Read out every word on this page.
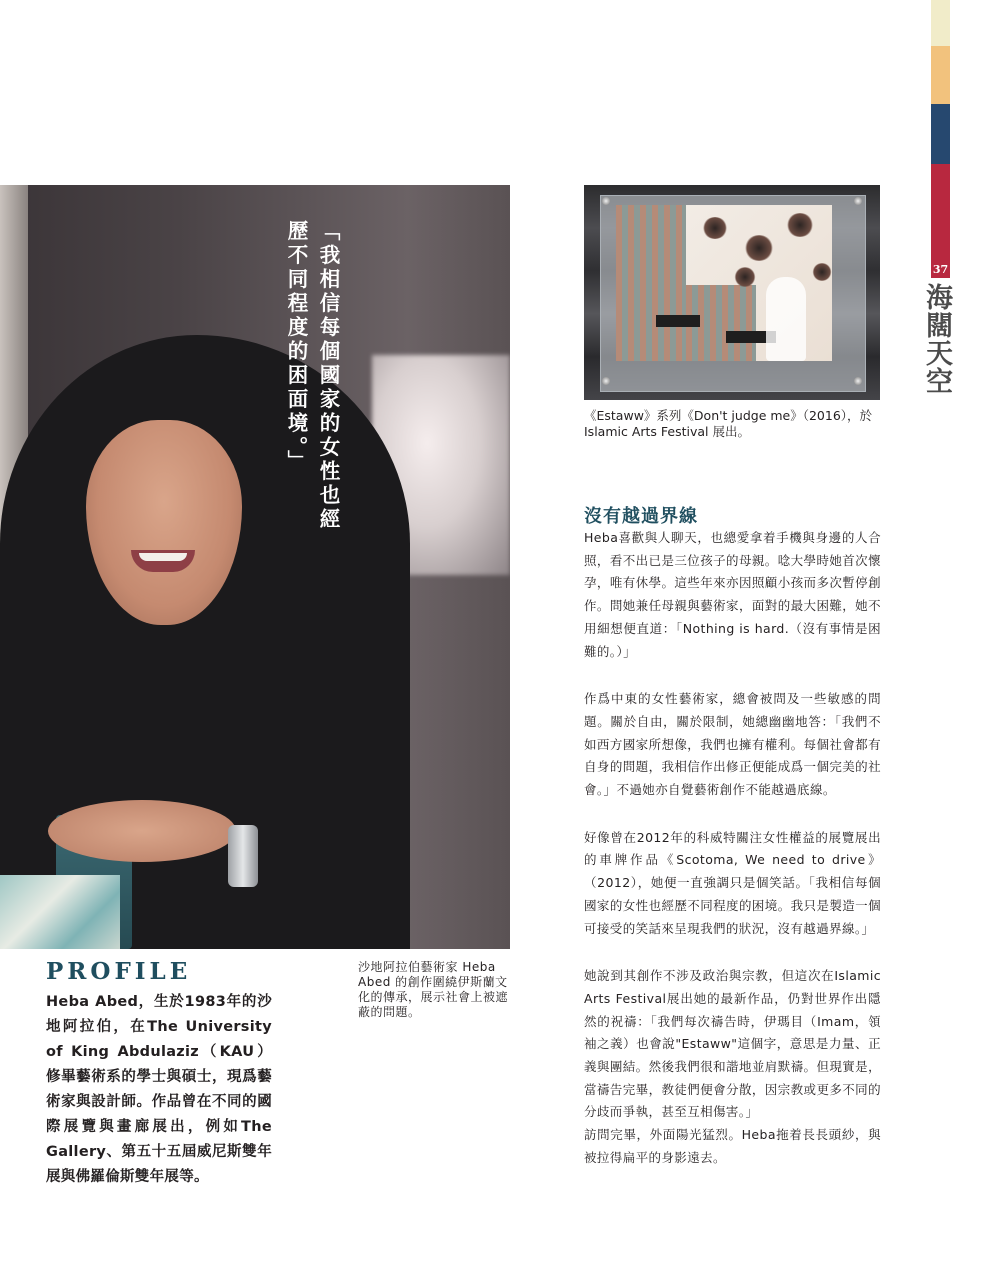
37
海闊天空
「我相信每個國家的女性也經歷不同程度的困⾯境。」
沙地阿拉伯藝術家 Heba Abed 的創作圍繞伊斯蘭文化的傳承，展示社會上被遮蔽的問題。
PROFILE
Heba Abed，生於1983年的沙地阿拉伯，在The University of King Abdulaziz（KAU）修畢藝術系的學士與碩士，現爲藝術家與設計師。作品曾在不同的國際展覽與畫廊展出，例如The Gallery、第五十五屆威尼斯雙年展與佛羅倫斯雙年展等。
《Estaww》系列《Don't judge me》（2016），於 Islamic Arts Festival 展出。
沒有越過界線

Heba喜歡與人聊天，也總愛拿着手機與身邊的人合照，看不出已是三位孩子的母親。唸大學時她首次懷孕，唯有休學。這些年來亦因照顧小孩而多次暫停創作。問她兼任母親與藝術家，面對的最大困難，她不用細想便直道：「Nothing is hard.（沒有事情是困難的。）」

作爲中東的女性藝術家，總會被問及一些敏感的問題。關於自由，關於限制，她總幽幽地答：「我們不如西方國家所想像，我們也擁有權利。每個社會都有自身的問題，我相信作出修正便能成爲一個完美的社會。」不過她亦自覺藝術創作不能越過底線。

好像曾在2012年的科威特關注女性權益的展覽展出的車牌作品《Scotoma, We need to drive》（2012），她便一直強調只是個笑話。「我相信每個國家的女性也經歷不同程度的困境。我只是製造一個可接受的笑話來呈現我們的狀況，沒有越過界線。」

她說到其創作不涉及政治與宗教，但這次在Islamic Arts Festival展出她的最新作品，仍對世界作出隱然的祝禱：「我們每次禱告時，伊瑪目（Imam，領袖之義）也會說"Estaww"這個字，意思是力量、正義與團結。然後我們很和諧地並肩默禱。但現實是，當禱告完畢，教徒們便會分散，因宗教或更多不同的分歧而爭執，甚至互相傷害。」

訪問完畢，外面陽光猛烈。Heba拖着長長頭紗，與被拉得扁平的身影遠去。
